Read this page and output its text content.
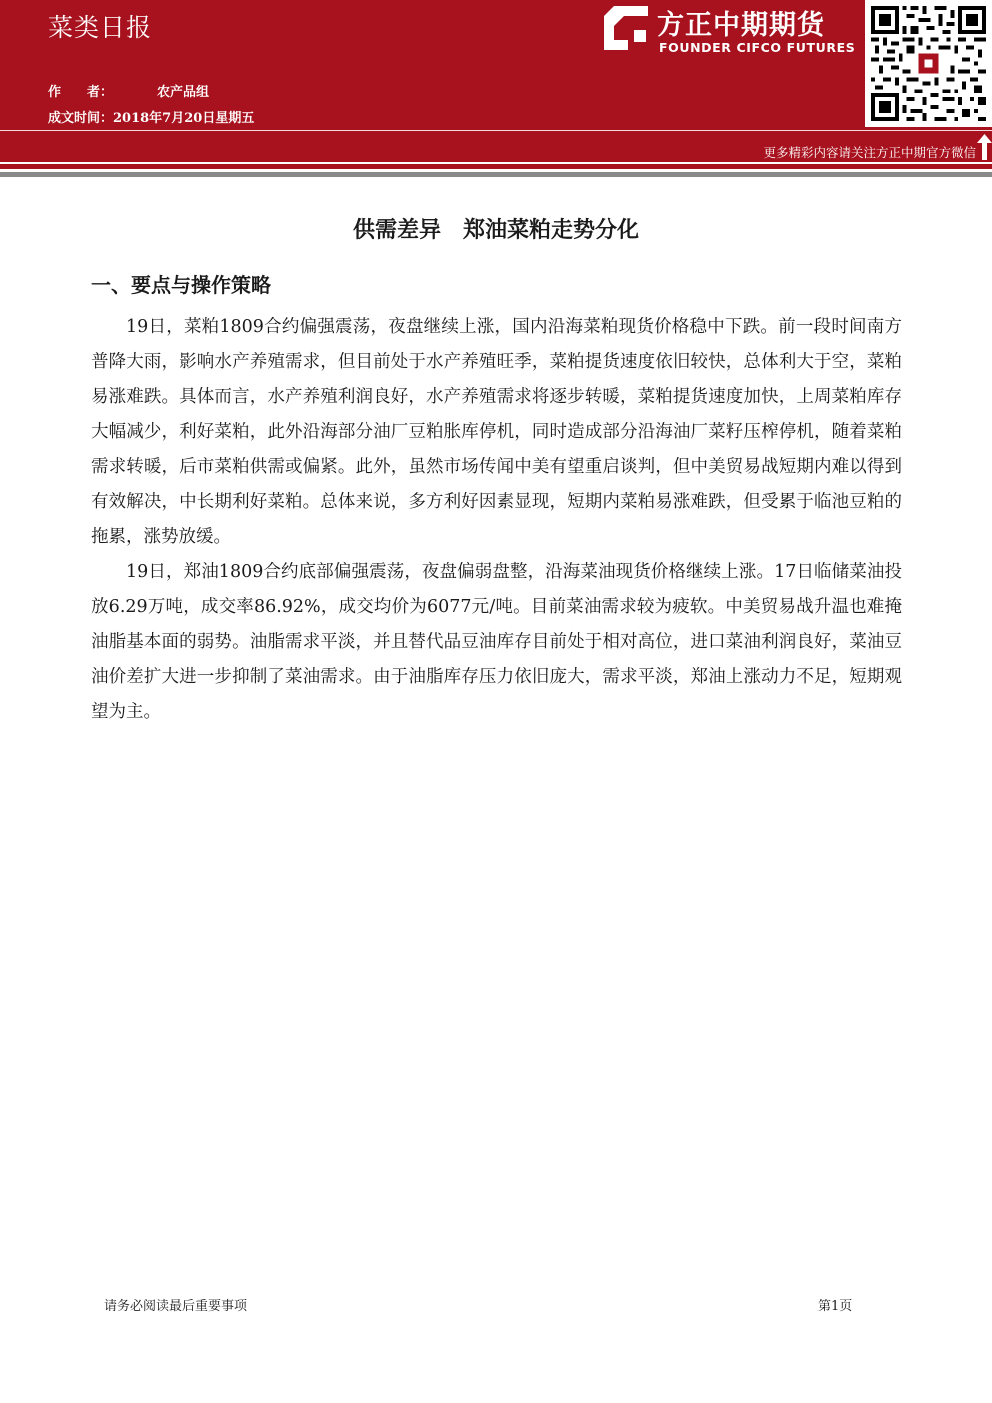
菜类日报
作　　者：	农产品组
成文时间：2018年7月20日星期五
方正中期期货
FOUNDER CIFCO FUTURES
更多精彩内容请关注方正中期官方微信
供需差异　郑油菜粕走势分化
一、要点与操作策略

19日，菜粕1809合约偏强震荡，夜盘继续上涨，国内沿海菜粕现货价格稳中下跌。前一段时间南方普降大雨，影响水产养殖需求，但目前处于水产养殖旺季，菜粕提货速度依旧较快，总体利大于空，菜粕易涨难跌。具体而言，水产养殖利润良好，水产养殖需求将逐步转暖，菜粕提货速度加快，上周菜粕库存大幅减少，利好菜粕，此外沿海部分油厂豆粕胀库停机，同时造成部分沿海油厂菜籽压榨停机，随着菜粕需求转暖，后市菜粕供需或偏紧。此外，虽然市场传闻中美有望重启谈判，但中美贸易战短期内难以得到有效解决，中长期利好菜粕。总体来说，多方利好因素显现，短期内菜粕易涨难跌，但受累于临池豆粕的拖累，涨势放缓。

19日，郑油1809合约底部偏强震荡，夜盘偏弱盘整，沿海菜油现货价格继续上涨。17日临储菜油投放6.29万吨，成交率86.92%，成交均价为6077元/吨。目前菜油需求较为疲软。中美贸易战升温也难掩油脂基本面的弱势。油脂需求平淡，并且替代品豆油库存目前处于相对高位，进口菜油利润良好，菜油豆油价差扩大进一步抑制了菜油需求。由于油脂库存压力依旧庞大，需求平淡，郑油上涨动力不足，短期观望为主。

请务必阅读最后重要事项	第1页
